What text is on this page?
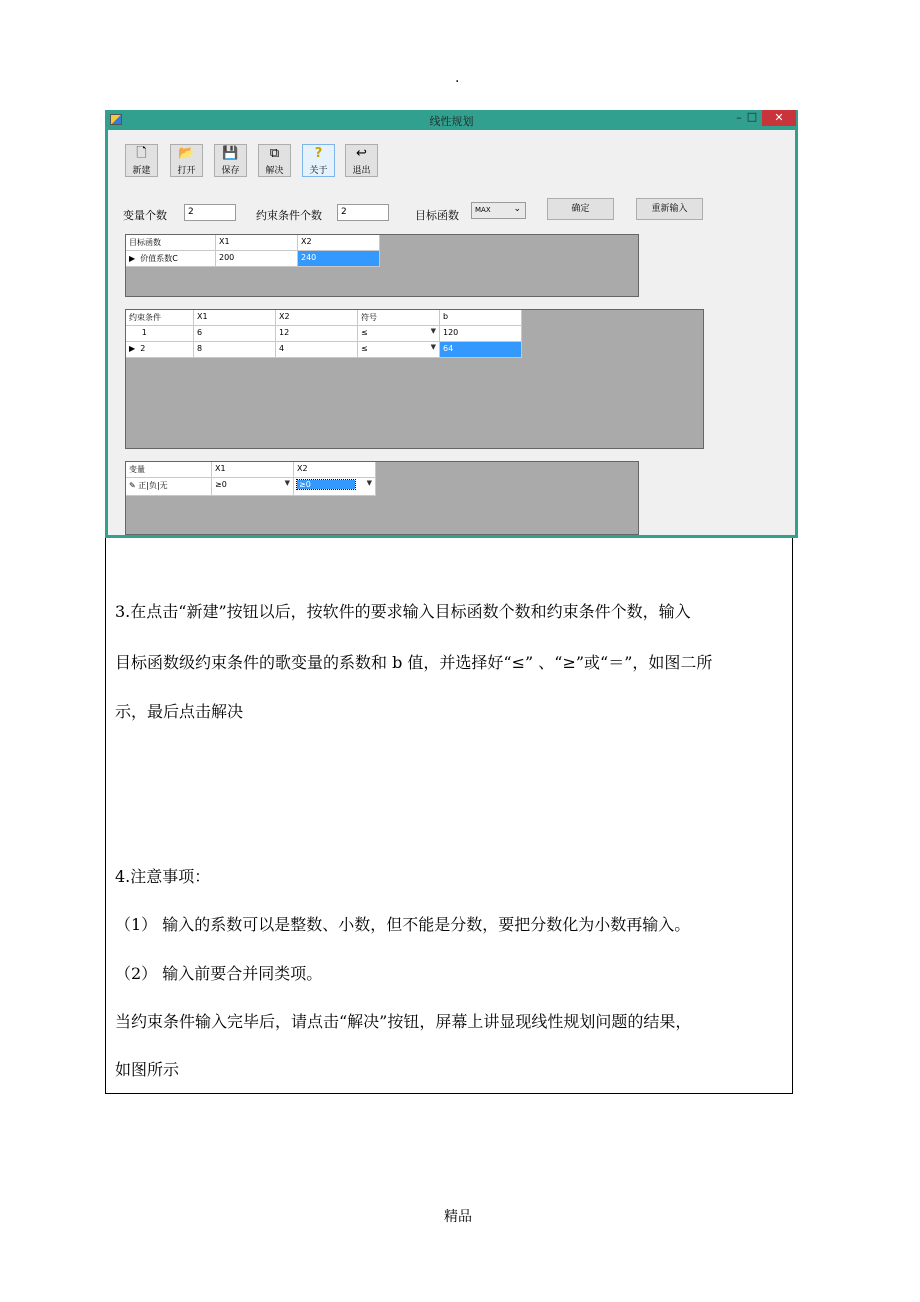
.
线性规划	– □	✕
🗋
新建
📂
打开
💾
保存
⧉
解决
?
关于
↩
退出
变量个数	2	约束条件个数	2	目标函数	MAX	⌄	确定	重新输入
目标函数	X1	X2
▶ 价值系数C	200	240
约束条件	X1	X2	符号	b
1	6	12	≤	▼ 120
▶ 2	8	4	≤	▼ 64
变量	X1	X2
✎ 正|负|无	≥0	▼	≥0	▼
3.在点击“新建”按钮以后，按软件的要求输入目标函数个数和约束条件个数，输入
目标函数级约束条件的歌变量的系数和 b 值，并选择好“≤” 、“≥”或“＝”，如图二所
示，最后点击解决
4.注意事项：
（1） 输入的系数可以是整数、小数，但不能是分数，要把分数化为小数再输入。
（2） 输入前要合并同类项。
当约束条件输入完毕后，请点击“解决”按钮，屏幕上讲显现线性规划问题的结果，
如图所示
精品
